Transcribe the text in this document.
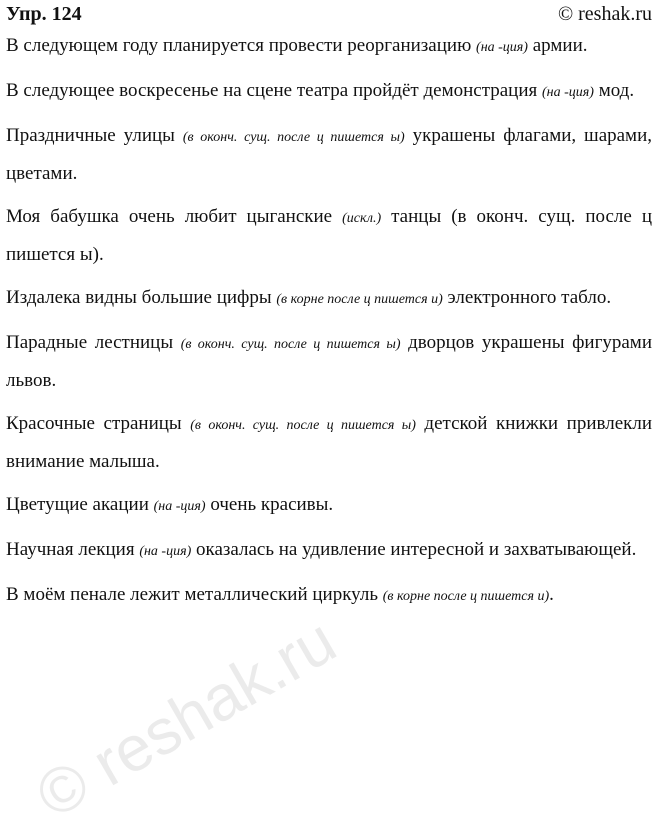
Упр. 124	© reshak.ru

В следующем году планируется провести реорганизацию (на -ция) армии.

В следующее воскресенье на сцене театра пройдёт демонстрация (на -ция) мод.

Праздничные улицы (в оконч. сущ. после ц пишется ы) украшены флагами, шарами, цветами.

Моя бабушка очень любит цыганские (искл.) танцы (в оконч. сущ. после ц пишется ы).

Издалека видны большие цифры (в корне после ц пишется и) электронного табло.

Парадные лестницы (в оконч. сущ. после ц пишется ы) дворцов украшены фигурами львов.

Красочные страницы (в оконч. сущ. после ц пишется ы) детской книжки привлекли внимание малыша.

Цветущие акации (на -ция) очень красивы.

Научная лекция (на -ция) оказалась на удивление интересной и захватывающей.

В моём пенале лежит металлический циркуль (в корне после ц пишется и).

© reshak.ru
